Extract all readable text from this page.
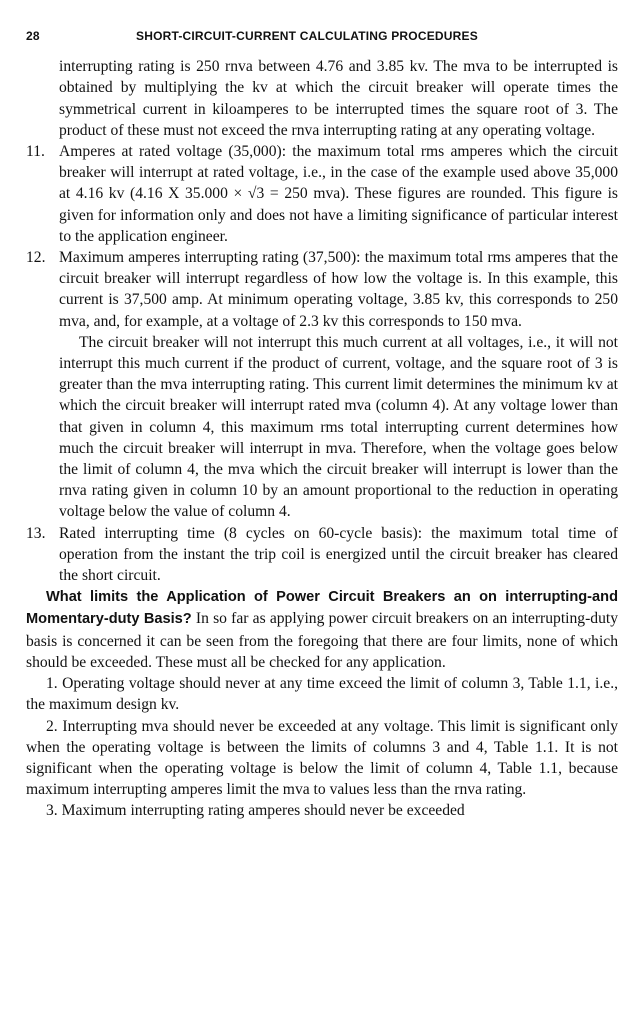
28	SHORT-CIRCUIT-CURRENT CALCULATING PROCEDURES

interrupting rating is 250 rnva between 4.76 and 3.85 kv. The mva to be interrupted is obtained by multiplying the kv at which the circuit breaker will operate times the symmetrical current in kiloamperes to be interrupted times the square root of 3. The product of these must not exceed the rnva interrupting rating at any operating voltage.

11. Amperes at rated voltage (35,000): the maximum total rms amperes which the circuit breaker will interrupt at rated voltage, i.e., in the case of the example used above 35,000 at 4.16 kv (4.16 X 35.000 × √3 = 250 mva). These figures are rounded. This figure is given for information only and does not have a limiting significance of particular interest to the application engineer.
12. Maximum amperes interrupting rating (37,500): the maximum total rms amperes that the circuit breaker will interrupt regardless of how low the voltage is. In this example, this current is 37,500 amp. At minimum operating voltage, 3.85 kv, this corresponds to 250 mva, and, for example, at a voltage of 2.3 kv this corresponds to 150 mva.

The circuit breaker will not interrupt this much current at all voltages, i.e., it will not interrupt this much current if the product of current, voltage, and the square root of 3 is greater than the mva interrupting rating. This current limit determines the minimum kv at which the circuit breaker will interrupt rated mva (column 4). At any voltage lower than that given in column 4, this maximum rms total interrupting current determines how much the circuit breaker will interrupt in mva. Therefore, when the voltage goes below the limit of column 4, the mva which the circuit breaker will interrupt is lower than the rnva rating given in column 10 by an amount proportional to the reduction in operating voltage below the value of column 4.

13. Rated interrupting time (8 cycles on 60-cycle basis): the maximum total time of operation from the instant the trip coil is energized until the circuit breaker has cleared the short circuit.

What limits the Application of Power Circuit Breakers an on interrupting-and Momentary-duty Basis? In so far as applying power circuit breakers on an interrupting-duty basis is concerned it can be seen from the foregoing that there are four limits, none of which should be exceeded. These must all be checked for any application.

1. Operating voltage should never at any time exceed the limit of column 3, Table 1.1, i.e., the maximum design kv.

2. Interrupting mva should never be exceeded at any voltage. This limit is significant only when the operating voltage is between the limits of columns 3 and 4, Table 1.1. It is not significant when the operating voltage is below the limit of column 4, Table 1.1, because maximum interrupting amperes limit the mva to values less than the rnva rating.

3. Maximum interrupting rating amperes should never be exceeded
